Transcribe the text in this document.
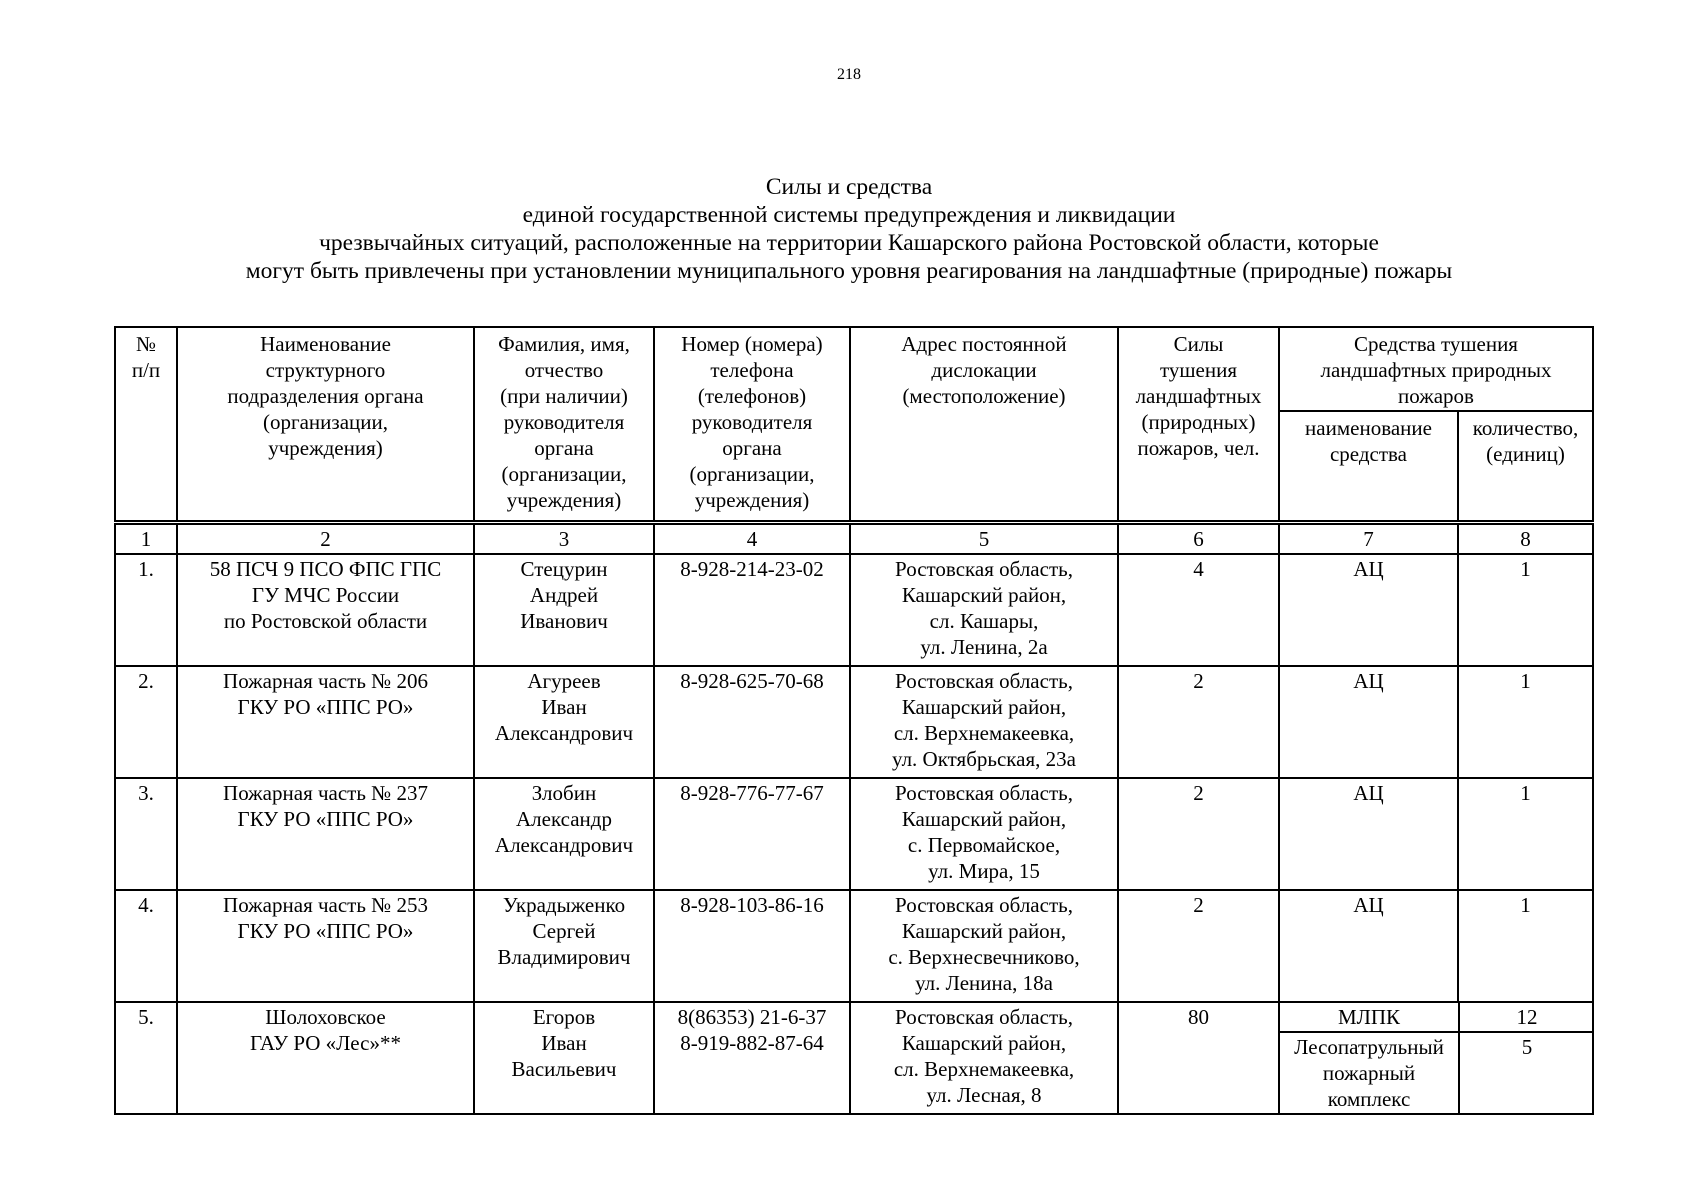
218
Силы и средства
единой государственной системы предупреждения и ликвидации
чрезвычайных ситуаций, расположенные на территории Кашарского района Ростовской области, которые
могут быть привлечены при установлении муниципального уровня реагирования на ландшафтные (природные) пожары
№
п/п	Наименование
структурного
подразделения органа
(организации,
учреждения)	Фамилия, имя,
отчество
(при наличии)
руководителя
органа
(организации,
учреждения)	Номер (номера)
телефона
(телефонов)
руководителя
органа
(организации,
учреждения)	Адрес постоянной
дислокации
(местоположение)	Силы
тушения
ландшафтных
(природных)
пожаров, чел.	Средства тушения
ландшафтных природных
пожаров
наименование
средства	количество,
(единиц)
1	2	3	4	5	6	7	8
1.	58 ПСЧ 9 ПСО ФПС ГПС
ГУ МЧС России
по Ростовской области	Стецурин
Андрей
Иванович	8-928-214-23-02	Ростовская область,
Кашарский район,
сл. Кашары,
ул. Ленина, 2а	4	АЦ	1
2.	Пожарная часть № 206
ГКУ РО «ППС РО»	Агуреев
Иван
Александрович	8-928-625-70-68	Ростовская область,
Кашарский район,
сл. Верхнемакеевка,
ул. Октябрьская, 23а	2	АЦ	1
3.	Пожарная часть № 237
ГКУ РО «ППС РО»	Злобин
Александр
Александрович	8-928-776-77-67	Ростовская область,
Кашарский район,
с. Первомайское,
ул. Мира, 15	2	АЦ	1
4.	Пожарная часть № 253
ГКУ РО «ППС РО»	Украдыженко
Сергей
Владимирович	8-928-103-86-16	Ростовская область,
Кашарский район,
с. Верхнесвечниково,
ул. Ленина, 18а	2	АЦ	1
5.	Шолоховское
ГАУ РО «Лес»**	Егоров
Иван
Васильевич	8(86353) 21-6-37
8-919-882-87-64	Ростовская область,
Кашарский район,
сл. Верхнемакеевка,
ул. Лесная, 8	80		МЛПК	12
Лесопатрульный
пожарный
комплекс	5
